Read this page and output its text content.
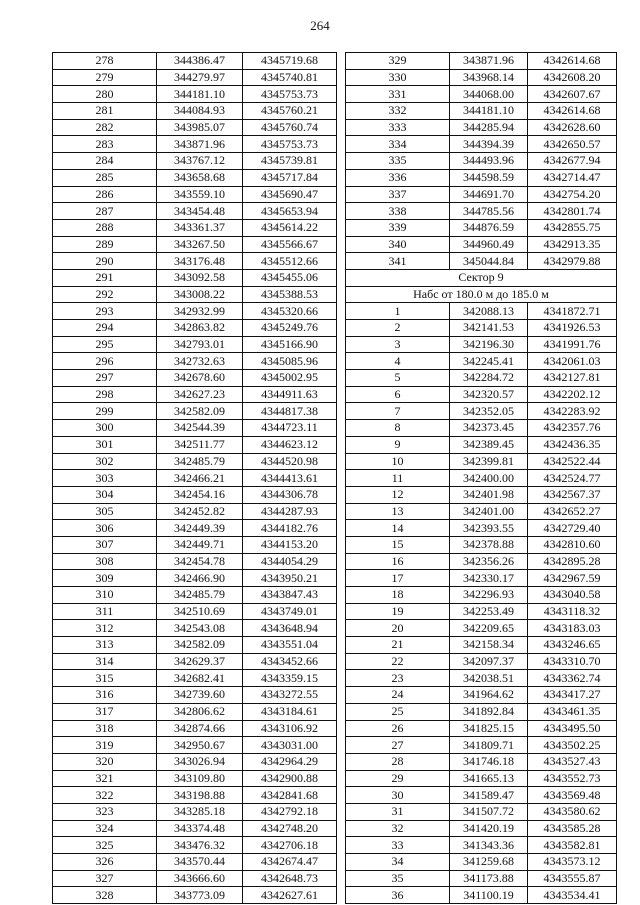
264
278	344386.47	4345719.68
279	344279.97	4345740.81
280	344181.10	4345753.73
281	344084.93	4345760.21
282	343985.07	4345760.74
283	343871.96	4345753.73
284	343767.12	4345739.81
285	343658.68	4345717.84
286	343559.10	4345690.47
287	343454.48	4345653.94
288	343361.37	4345614.22
289	343267.50	4345566.67
290	343176.48	4345512.66
291	343092.58	4345455.06
292	343008.22	4345388.53
293	342932.99	4345320.66
294	342863.82	4345249.76
295	342793.01	4345166.90
296	342732.63	4345085.96
297	342678.60	4345002.95
298	342627.23	4344911.63
299	342582.09	4344817.38
300	342544.39	4344723.11
301	342511.77	4344623.12
302	342485.79	4344520.98
303	342466.21	4344413.61
304	342454.16	4344306.78
305	342452.82	4344287.93
306	342449.39	4344182.76
307	342449.71	4344153.20
308	342454.78	4344054.29
309	342466.90	4343950.21
310	342485.79	4343847.43
311	342510.69	4343749.01
312	342543.08	4343648.94
313	342582.09	4343551.04
314	342629.37	4343452.66
315	342682.41	4343359.15
316	342739.60	4343272.55
317	342806.62	4343184.61
318	342874.66	4343106.92
319	342950.67	4343031.00
320	343026.94	4342964.29
321	343109.80	4342900.88
322	343198.88	4342841.68
323	343285.18	4342792.18
324	343374.48	4342748.20
325	343476.32	4342706.18
326	343570.44	4342674.47
327	343666.60	4342648.73
328	343773.09	4342627.61
329	343871.96	4342614.68
330	343968.14	4342608.20
331	344068.00	4342607.67
332	344181.10	4342614.68
333	344285.94	4342628.60
334	344394.39	4342650.57
335	344493.96	4342677.94
336	344598.59	4342714.47
337	344691.70	4342754.20
338	344785.56	4342801.74
339	344876.59	4342855.75
340	344960.49	4342913.35
341	345044.84	4342979.88
Сектор 9		
Набс от 180.0 м до 185.0 м		
1	342088.13	4341872.71
2	342141.53	4341926.53
3	342196.30	4341991.76
4	342245.41	4342061.03
5	342284.72	4342127.81
6	342320.57	4342202.12
7	342352.05	4342283.92
8	342373.45	4342357.76
9	342389.45	4342436.35
10	342399.81	4342522.44
11	342400.00	4342524.77
12	342401.98	4342567.37
13	342401.00	4342652.27
14	342393.55	4342729.40
15	342378.88	4342810.60
16	342356.26	4342895.28
17	342330.17	4342967.59
18	342296.93	4343040.58
19	342253.49	4343118.32
20	342209.65	4343183.03
21	342158.34	4343246.65
22	342097.37	4343310.70
23	342038.51	4343362.74
24	341964.62	4343417.27
25	341892.84	4343461.35
26	341825.15	4343495.50
27	341809.71	4343502.25
28	341746.18	4343527.43
29	341665.13	4343552.73
30	341589.47	4343569.48
31	341507.72	4343580.62
32	341420.19	4343585.28
33	341343.36	4343582.81
34	341259.68	4343573.12
35	341173.88	4343555.87
36	341100.19	4343534.41
